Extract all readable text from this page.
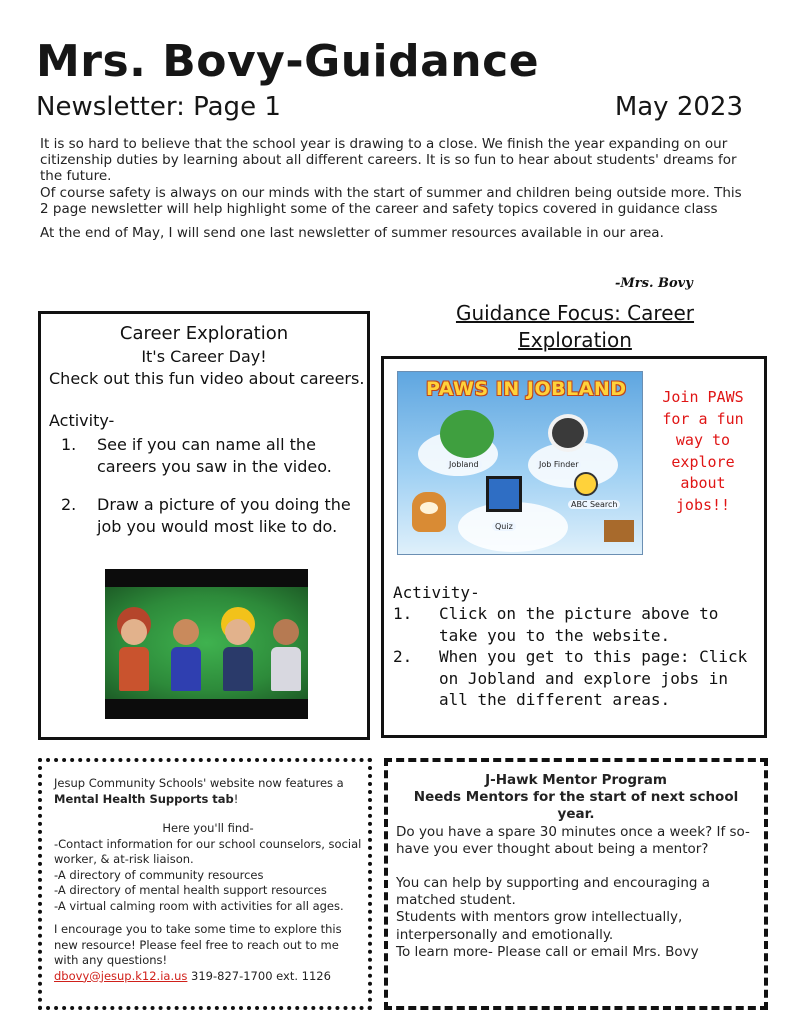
Mrs. Bovy-Guidance
Newsletter: Page 1	May 2023

It is so hard to believe that the school year is drawing to a close. We finish the year expanding on our citizenship duties by learning about all different careers. It is so fun to hear about students' dreams for the future.

Of course safety is always on our minds with the start of summer and children being outside more. This 2 page newsletter will help highlight some of the career and safety topics covered in guidance class

At the end of May, I will send one last newsletter of summer resources available in our area.

-Mrs. Bovy
Career Exploration
It's Career Day!
Check out this fun video about careers.
Activity-
1.	See if you can name all the careers you saw in the video.
2.	Draw a picture of you doing the job you would most like to do.
Guidance Focus: Career Exploration
PAWS IN JOBLAND
Jobland	Job Finder
Quiz
ABC Search
Join PAWS for a fun way to explore about jobs!!
Activity-
1.	Click on the picture above to take you to the website.
2.	When you get to this page: Click on Jobland and explore jobs in all the different areas.
Jesup Community Schools' website now features a Mental Health Supports tab!
Here you'll find-
-Contact information for our school counselors, social worker, & at-risk liaison.
-A directory of community resources
-A directory of mental health support resources
-A virtual calming room with activities for all ages.
I encourage you to take some time to explore this new resource! Please feel free to reach out to me with any questions!
dbovy@jesup.k12.ia.us 319-827-1700 ext. 1126
J-Hawk Mentor Program
Needs Mentors for the start of next school year.
Do you have a spare 30 minutes once a week? If so- have you ever thought about being a mentor?
You can help by supporting and encouraging a matched student.
Students with mentors grow intellectually, interpersonally and emotionally.
To learn more- Please call or email Mrs. Bovy
